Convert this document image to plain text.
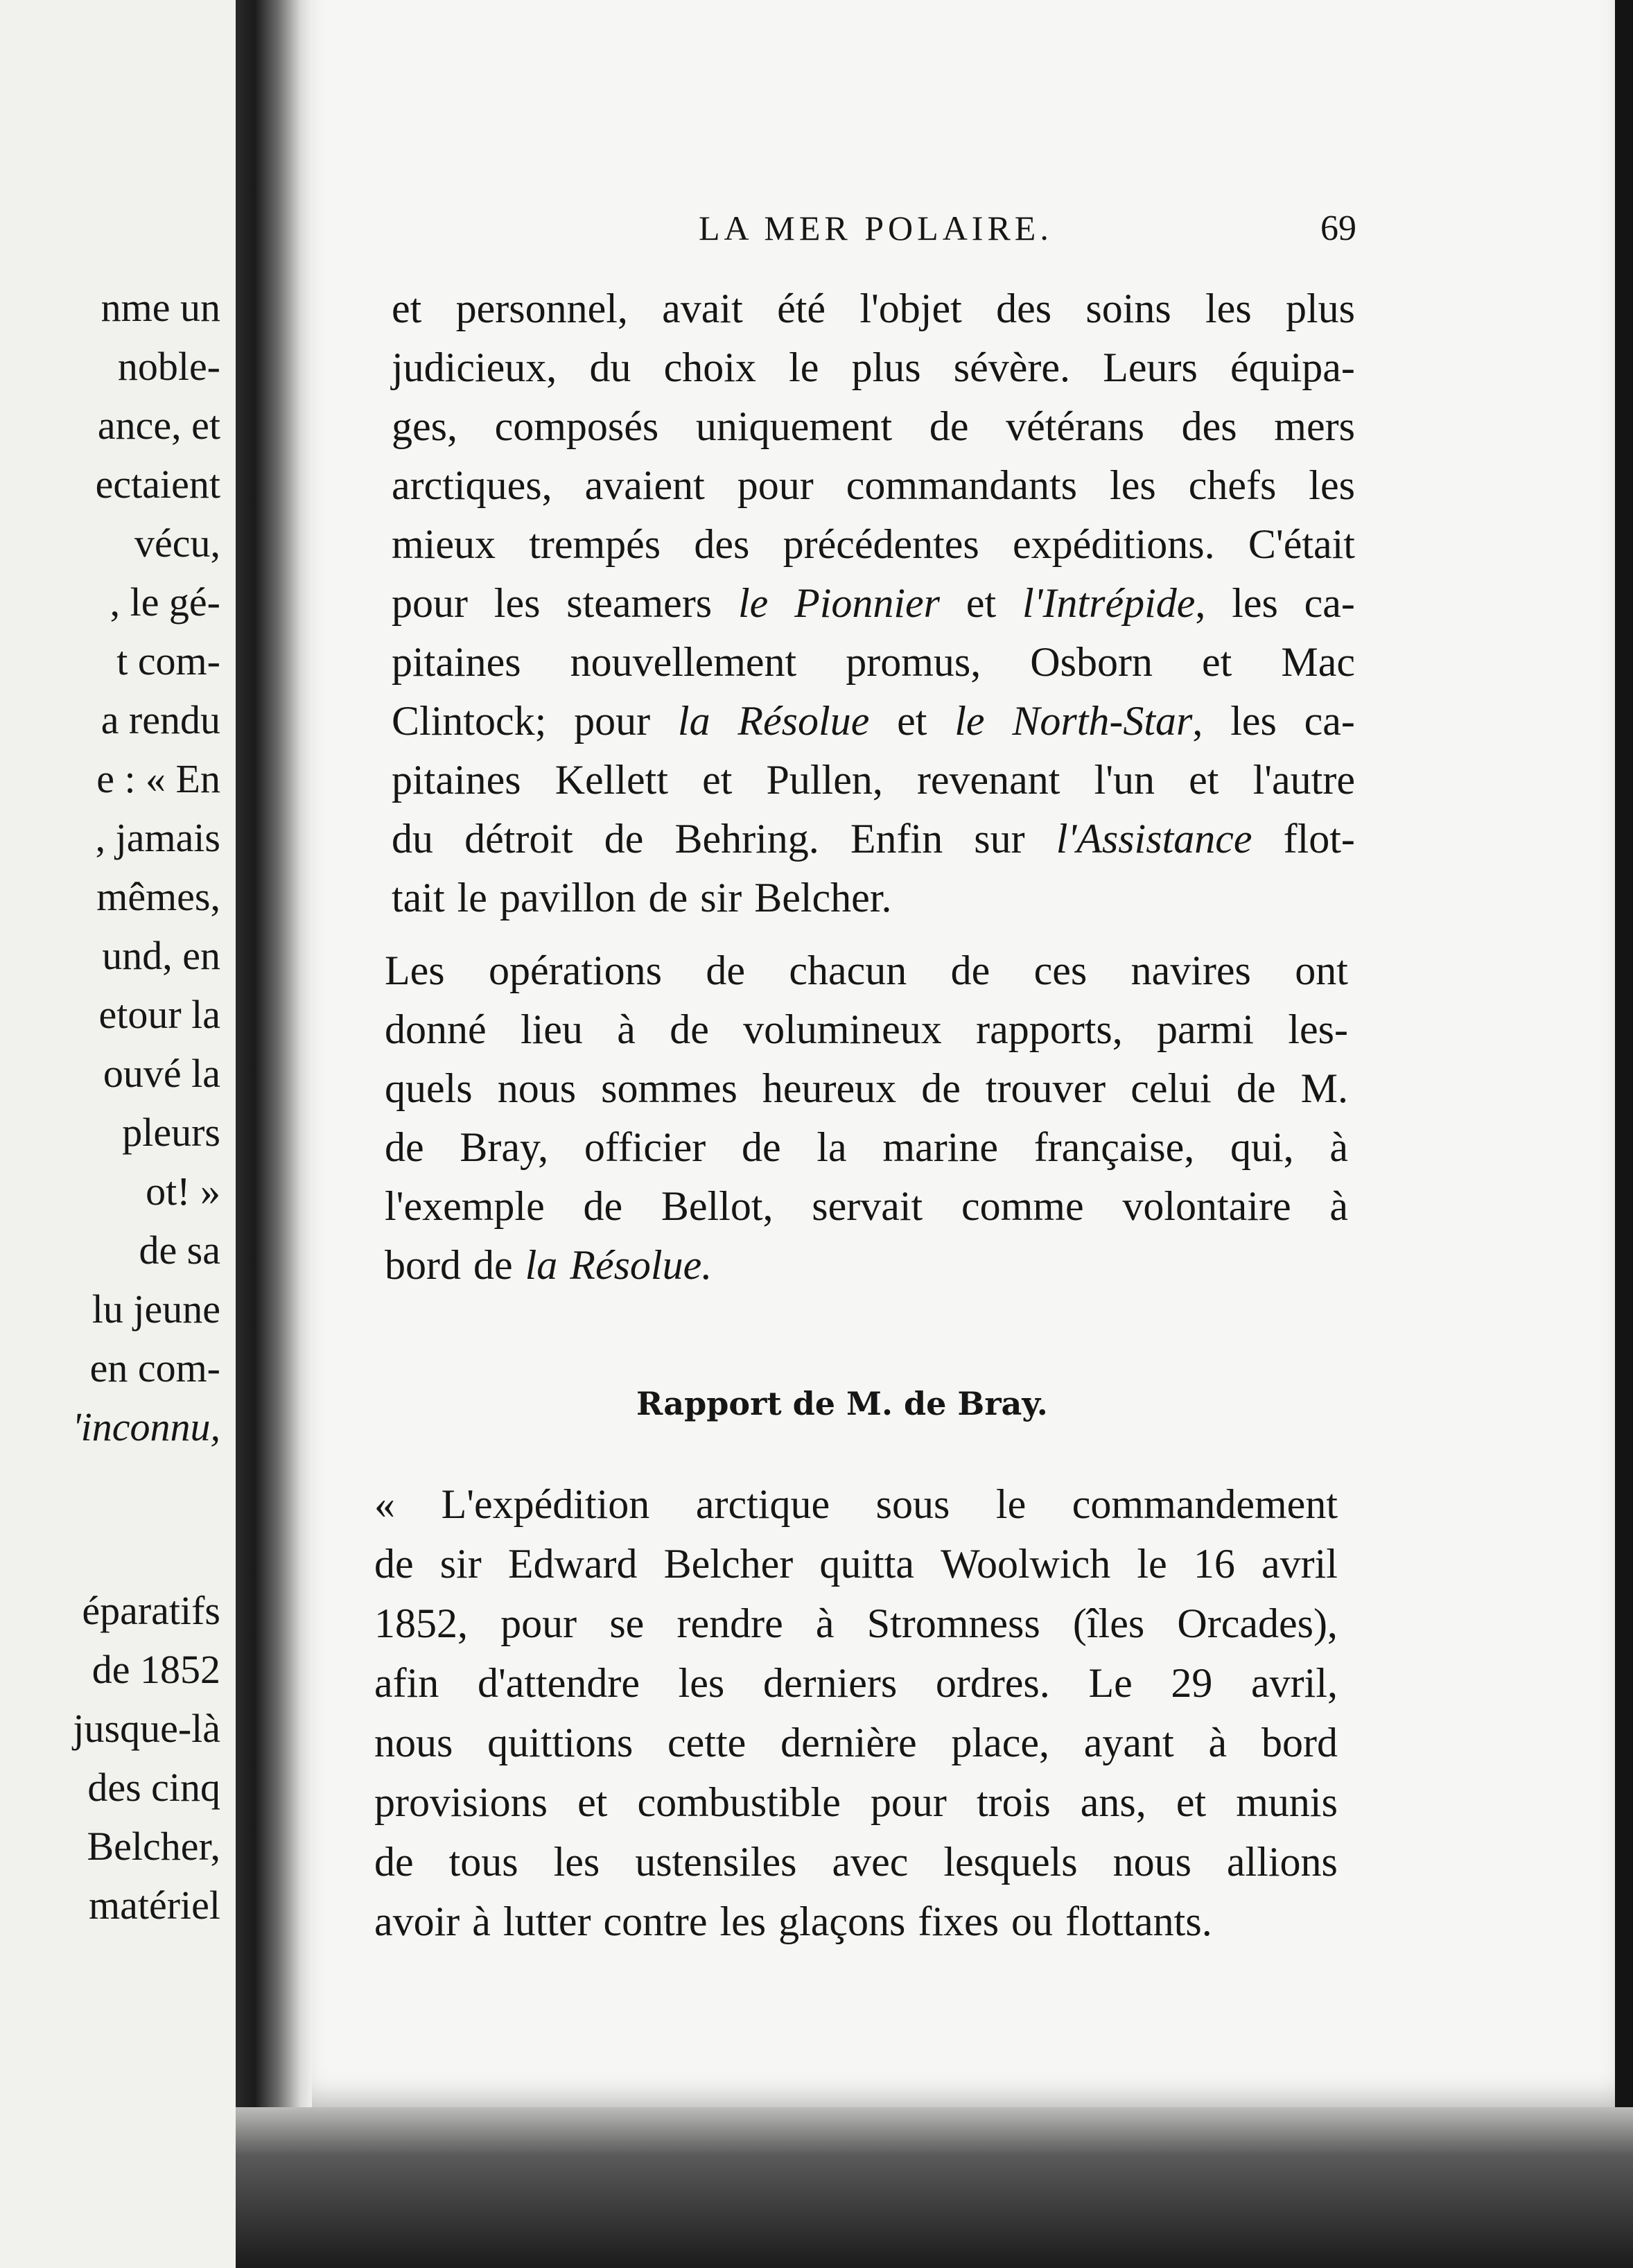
nme un
noble-
ance, et
ectaient
vécu,
, le gé-
t com-
a rendu
e : « En
, jamais
mêmes,
und, en
etour la
ouvé la
pleurs
ot! »
de sa
lu jeune
en com-
'inconnu,
éparatifs
de 1852
jusque-là
des cinq
Belcher,
matériel
LA MER POLAIRE.	69
et personnel, avait été l'objet des soins les plus
judicieux, du choix le plus sévère. Leurs équipa-
ges, composés uniquement de vétérans des mers
arctiques, avaient pour commandants les chefs les
mieux trempés des précédentes expéditions. C'était
pour les steamers le Pionnier et l'Intrépide, les ca-
pitaines nouvellement promus, Osborn et Mac
Clintock; pour la Résolue et le North-Star, les ca-
pitaines Kellett et Pullen, revenant l'un et l'autre
du détroit de Behring. Enfin sur l'Assistance flot-
tait le pavillon de sir Belcher.
Les opérations de chacun de ces navires ont
donné lieu à de volumineux rapports, parmi les-
quels nous sommes heureux de trouver celui de M.
de Bray, officier de la marine française, qui, à
l'exemple de Bellot, servait comme volontaire à
bord de la Résolue.
« L'expédition arctique sous le commandement
de sir Edward Belcher quitta Woolwich le 16 avril
1852, pour se rendre à Stromness (îles Orcades),
afin d'attendre les derniers ordres. Le 29 avril,
nous quittions cette dernière place, ayant à bord
provisions et combustible pour trois ans, et munis
de tous les ustensiles avec lesquels nous allions
avoir à lutter contre les glaçons fixes ou flottants.
Rapport de M. de Bray.
